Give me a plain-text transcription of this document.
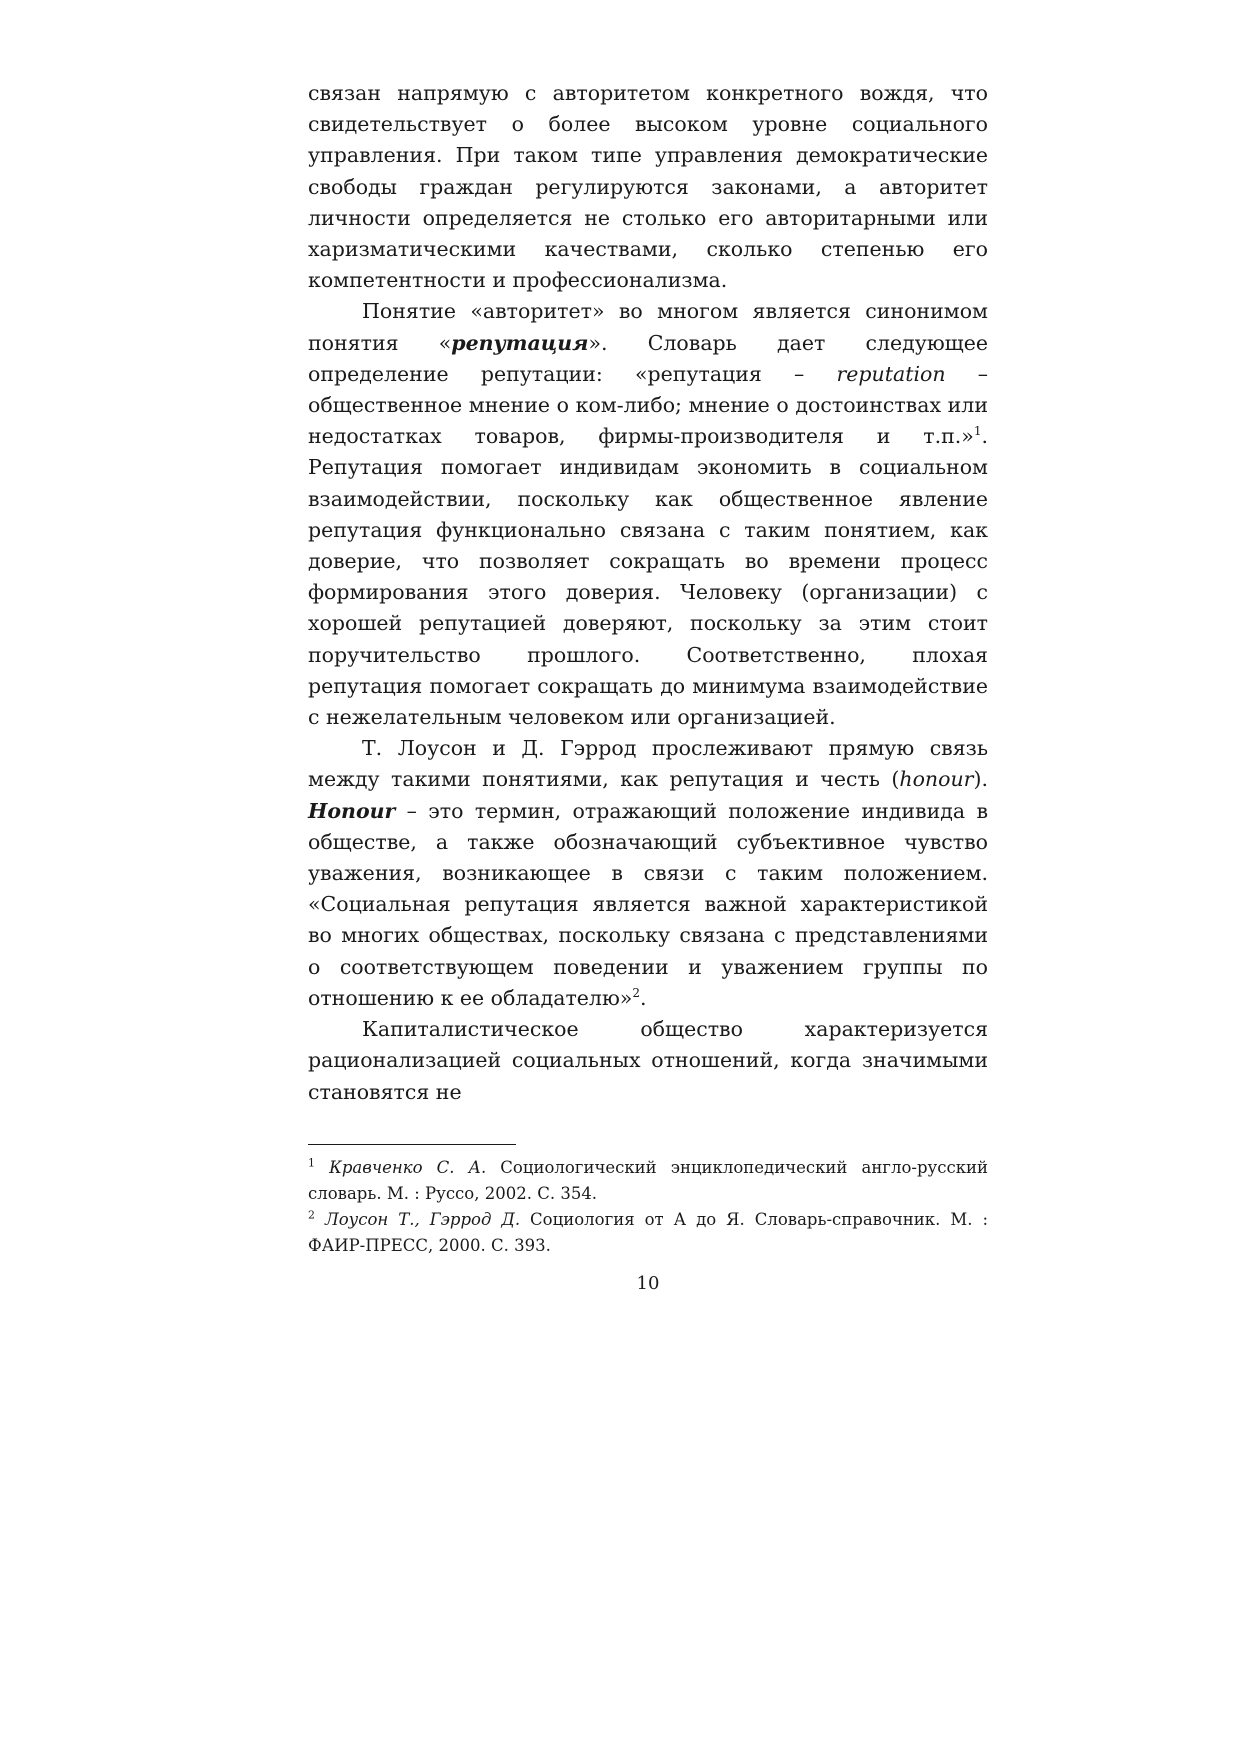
связан напрямую с авторитетом конкретного вождя, что свидетельствует о более высоком уровне социального управления. При таком типе управления демократические свободы граждан регулируются законами, а авторитет личности определяется не столько его авторитарными или харизматическими качествами, сколько степенью его компетентности и профессионализма.

Понятие «авторитет» во многом является синонимом понятия «репутация». Словарь дает следующее определение репутации: «репутация – reputation – общественное мнение о ком-либо; мнение о достоинствах или недостатках товаров, фирмы-производителя и т.п.»$^1$. Репутация помогает индивидам экономить в социальном взаимодействии, поскольку как общественное явление репутация функционально связана с таким понятием, как доверие, что позволяет сокращать во времени процесс формирования этого доверия. Человеку (организации) с хорошей репутацией доверяют, поскольку за этим стоит поручительство прошлого. Соответственно, плохая репутация помогает сокращать до минимума взаимодействие с нежелательным человеком или организацией.

Т. Лоусон и Д. Гэррод прослеживают прямую связь между такими понятиями, как репутация и честь (honour). Honour – это термин, отражающий положение индивида в обществе, а также обозначающий субъективное чувство уважения, возникающее в связи с таким положением. «Социальная репутация является важной характеристикой во многих обществах, поскольку связана с представлениями о соответствующем поведении и уважением группы по отношению к ее обладателю»$^2$.

Капиталистическое общество характеризуется рационализацией социальных отношений, когда значимыми становятся не

$^1$ Кравченко С. А. Социологический энциклопедический англо-русский словарь. М. : Руссо, 2002. С. 354.

$^2$ Лоусон Т., Гэррод Д. Социология от А до Я. Словарь-справочник. М. : ФАИР-ПРЕСС, 2000. С. 393.

10
